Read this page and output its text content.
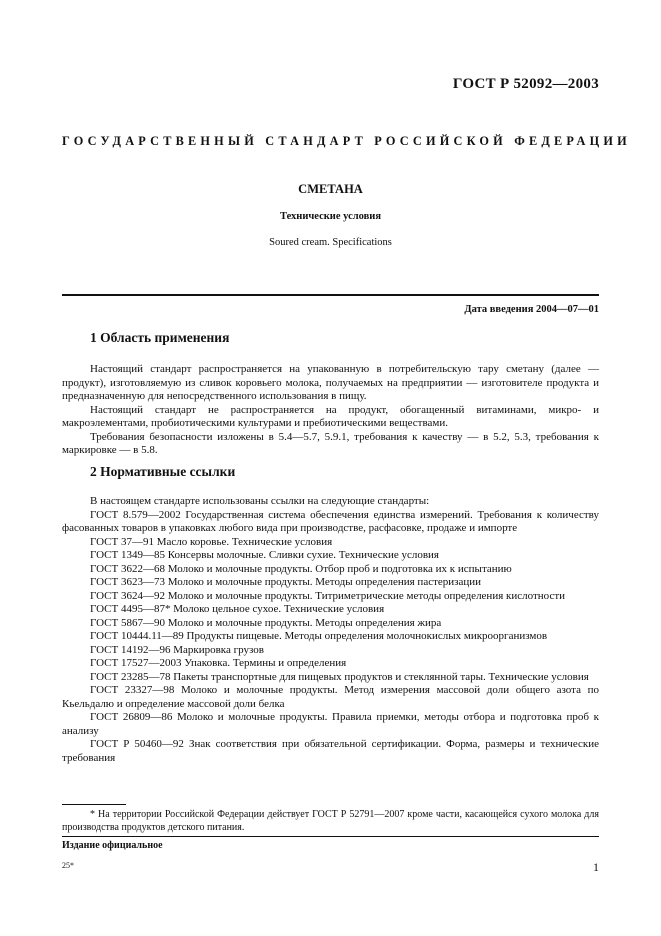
ГОСТ Р 52092—2003
ГОСУДАРСТВЕННЫЙ СТАНДАРТ РОССИЙСКОЙ ФЕДЕРАЦИИ
СМЕТАНА
Технические условия
Soured cream. Specifications
Дата введения 2004—07—01
1 Область применения

Настоящий стандарт распространяется на упакованную в потребительскую тару сметану (далее — продукт), изготовляемую из сливок коровьего молока, получаемых на предприятии — изготовителе продукта и предназначенную для непосредственного использования в пищу.

Настоящий стандарт не распространяется на продукт, обогащенный витаминами, микро- и макроэлементами, пробиотическими культурами и пребиотическими веществами.

Требования безопасности изложены в 5.4—5.7, 5.9.1, требования к качеству — в 5.2, 5.3, требования к маркировке — в 5.8.

2 Нормативные ссылки

В настоящем стандарте использованы ссылки на следующие стандарты:

ГОСТ 8.579—2002 Государственная система обеспечения единства измерений. Требования к количеству фасованных товаров в упаковках любого вида при производстве, расфасовке, продаже и импорте

ГОСТ 37—91 Масло коровье. Технические условия

ГОСТ 1349—85 Консервы молочные. Сливки сухие. Технические условия

ГОСТ 3622—68 Молоко и молочные продукты. Отбор проб и подготовка их к испытанию

ГОСТ 3623—73 Молоко и молочные продукты. Методы определения пастеризации

ГОСТ 3624—92 Молоко и молочные продукты. Титриметрические методы определения кислотности

ГОСТ 4495—87* Молоко цельное сухое. Технические условия

ГОСТ 5867—90 Молоко и молочные продукты. Методы определения жира

ГОСТ 10444.11—89 Продукты пищевые. Методы определения молочнокислых микроорганизмов

ГОСТ 14192—96 Маркировка грузов

ГОСТ 17527—2003 Упаковка. Термины и определения

ГОСТ 23285—78 Пакеты транспортные для пищевых продуктов и стеклянной тары. Технические условия

ГОСТ 23327—98 Молоко и молочные продукты. Метод измерения массовой доли общего азота по Кьельдалю и определение массовой доли белка

ГОСТ 26809—86 Молоко и молочные продукты. Правила приемки, методы отбора и подготовка проб к анализу

ГОСТ Р 50460—92 Знак соответствия при обязательной сертификации. Форма, размеры и технические требования

* На территории Российской Федерации действует ГОСТ Р 52791—2007 кроме части, касающейся сухого молока для производства продуктов детского питания.

Издание официальное
25*	1
